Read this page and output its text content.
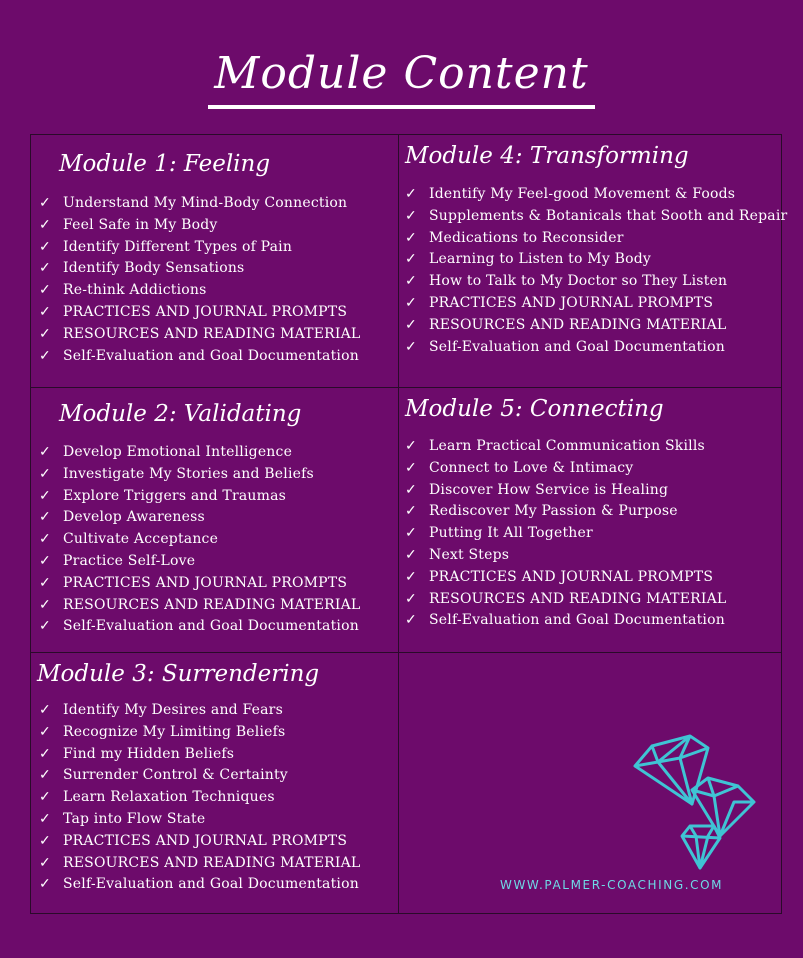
Module Content
Module 1: Feeling
✓ Understand My Mind-Body Connection
✓ Feel Safe in My Body
✓ Identify Different Types of Pain
✓ Identify Body Sensations
✓ Re-think Addictions
✓ PRACTICES AND JOURNAL PROMPTS
✓ RESOURCES AND READING MATERIAL
✓ Self-Evaluation and Goal Documentation
Module 4: Transforming
✓ Identify My Feel-good Movement & Foods
✓ Supplements & Botanicals that Sooth and Repair
✓ Medications to Reconsider
✓ Learning to Listen to My Body
✓ How to Talk to My Doctor so They Listen
✓ PRACTICES AND JOURNAL PROMPTS
✓ RESOURCES AND READING MATERIAL
✓ Self-Evaluation and Goal Documentation
Module 2: Validating
✓ Develop Emotional Intelligence
✓ Investigate My Stories and Beliefs
✓ Explore Triggers and Traumas
✓ Develop Awareness
✓ Cultivate Acceptance
✓ Practice Self-Love
✓ PRACTICES AND JOURNAL PROMPTS
✓ RESOURCES AND READING MATERIAL
✓ Self-Evaluation and Goal Documentation
Module 5: Connecting
✓ Learn Practical Communication Skills
✓ Connect to Love & Intimacy
✓ Discover How Service is Healing
✓ Rediscover My Passion & Purpose
✓ Putting It All Together
✓ Next Steps
✓ PRACTICES AND JOURNAL PROMPTS
✓ RESOURCES AND READING MATERIAL
✓ Self-Evaluation and Goal Documentation
Module 3: Surrendering
✓ Identify My Desires and Fears
✓ Recognize My Limiting Beliefs
✓ Find my Hidden Beliefs
✓ Surrender Control & Certainty
✓ Learn Relaxation Techniques
✓ Tap into Flow State
✓ PRACTICES AND JOURNAL PROMPTS
✓ RESOURCES AND READING MATERIAL
✓ Self-Evaluation and Goal Documentation	WWW.PALMER-COACHING.COM
